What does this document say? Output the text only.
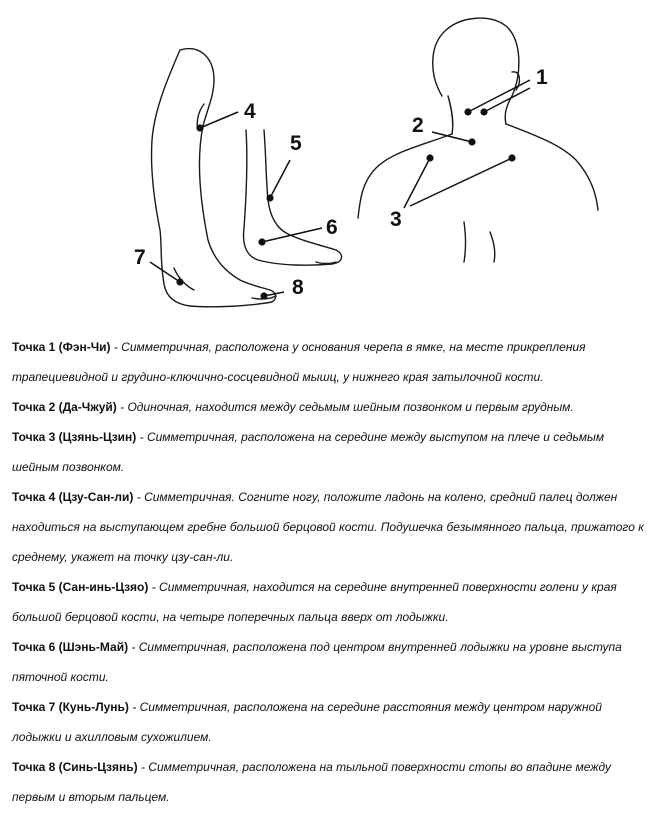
1
2
3
4
5
6
7
8

Точка 1 (Фэн-Чи) - Симметричная, расположена у основания черепа в ямке, на месте прикрепления трапециевидной и грудино-ключично-сосцевидной мышц, у нижнего края затылочной кости.

Точка 2 (Да-Чжуй) - Одиночная, находится между седьмым шейным позвонком и первым грудным.

Точка 3 (Цзянь-Цзин) - Симметричная, расположена на середине между выступом на плече и седьмым шейным позвонком.

Точка 4 (Цзу-Сан-ли) - Симметричная. Согните ногу, положите ладонь на колено, средний палец должен находиться на выступающем гребне большой берцовой кости. Подушечка безымянного пальца, прижатого к среднему, укажет на точку цзу-сан-ли.

Точка 5 (Сан-инь-Цзяо) - Симметричная, находится на середине внутренней поверхности голени у края большой берцовой кости, на четыре поперечных пальца вверх от лодыжки.

Точка 6 (Шэнь-Май) - Симметричная, расположена под центром внутренней лодыжки на уровне выступа пяточной кости.

Точка 7 (Кунь-Лунь) - Симметричная, расположена на середине расстояния между центром наружной лодыжки и ахилловым сухожилием.

Точка 8 (Синь-Цзянь) - Симметричная, расположена на тыльной поверхности стопы во впадине между первым и вторым пальцем.
